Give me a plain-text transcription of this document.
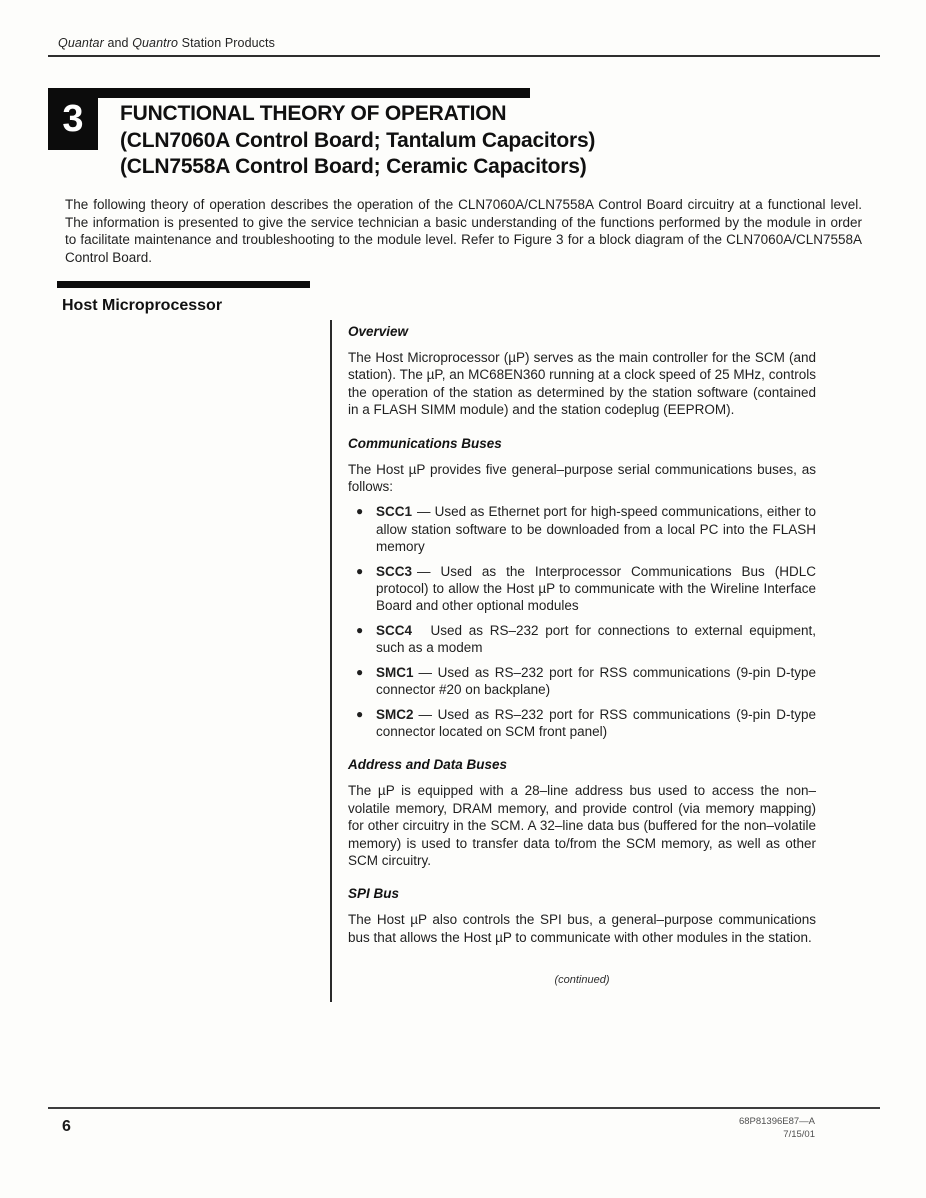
Quantar and Quantro Station Products
3 FUNCTIONAL THEORY OF OPERATION
(CLN7060A Control Board; Tantalum Capacitors)
(CLN7558A Control Board; Ceramic Capacitors)
The following theory of operation describes the operation of the CLN7060A/CLN7558A Control Board circuitry at a functional level. The information is presented to give the service technician a basic understanding of the functions performed by the module in order to facilitate maintenance and troubleshooting to the module level. Refer to Figure 3 for a block diagram of the CLN7060A/CLN7558A Control Board.
Host Microprocessor
Overview

The Host Microprocessor (µP) serves as the main controller for the SCM (and station). The µP, an MC68EN360 running at a clock speed of 25 MHz, controls the operation of the station as determined by the station software (contained in a FLASH SIMM module) and the station codeplug (EEPROM).

Communications Buses

The Host µP provides five general–purpose serial communications buses, as follows:

● SCC1 — Used as Ethernet port for high-speed communications, either to allow station software to be downloaded from a local PC into the FLASH memory
● SCC3 — Used as the Interprocessor Communications Bus (HDLC protocol) to allow the Host µP to communicate with the Wireline Interface Board and other optional modules
● SCC4 Used as RS–232 port for connections to external equipment, such as a modem
● SMC1 — Used as RS–232 port for RSS communications (9-pin D-type connector #20 on backplane)
● SMC2 — Used as RS–232 port for RSS communications (9-pin D-type connector located on SCM front panel)
Address and Data Buses

The µP is equipped with a 28–line address bus used to access the non–volatile memory, DRAM memory, and provide control (via memory mapping) for other circuitry in the SCM. A 32–line data bus (buffered for the non–volatile memory) is used to transfer data to/from the SCM memory, as well as other SCM circuitry.

SPI Bus

The Host µP also controls the SPI bus, a general–purpose communications bus that allows the Host µP to communicate with other modules in the station.

(continued)
6	68P81396E87—A
7/15/01
